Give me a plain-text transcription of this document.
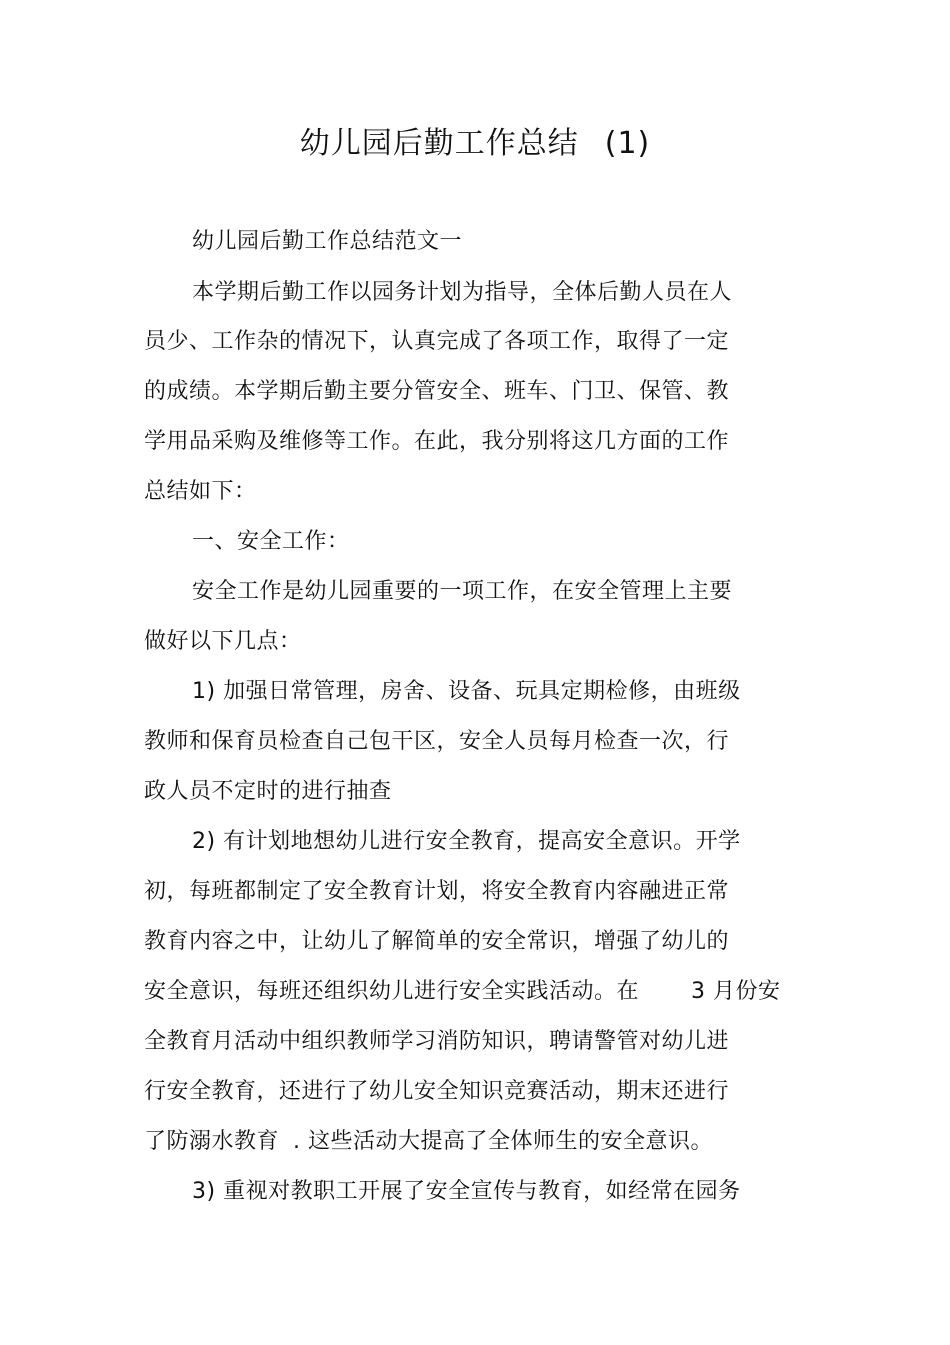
幼儿园后勤工作总结 (1)
幼儿园后勤工作总结范文一
本学期后勤工作以园务计划为指导，全体后勤人员在人
员少、工作杂的情况下，认真完成了各项工作，取得了一定
的成绩。本学期后勤主要分管安全、班车、门卫、保管、教
学用品采购及维修等工作。在此，我分别将这几方面的工作
总结如下：
一、安全工作：
安全工作是幼儿园重要的一项工作，在安全管理上主要
做好以下几点：
1) 加强日常管理，房舍、设备、玩具定期检修，由班级
教师和保育员检查自己包干区，安全人员每月检查一次，行
政人员不定时的进行抽查
2) 有计划地想幼儿进行安全教育，提高安全意识。开学
初，每班都制定了安全教育计划，将安全教育内容融进正常
教育内容之中，让幼儿了解简单的安全常识，增强了幼儿的
安全意识，每班还组织幼儿进行安全实践活动。在 3 月份安
全教育月活动中组织教师学习消防知识，聘请警管对幼儿进
行安全教育，还进行了幼儿安全知识竞赛活动，期末还进行
了防溺水教育 . 这些活动大提高了全体师生的安全意识。
3) 重视对教职工开展了安全宣传与教育，如经常在园务
